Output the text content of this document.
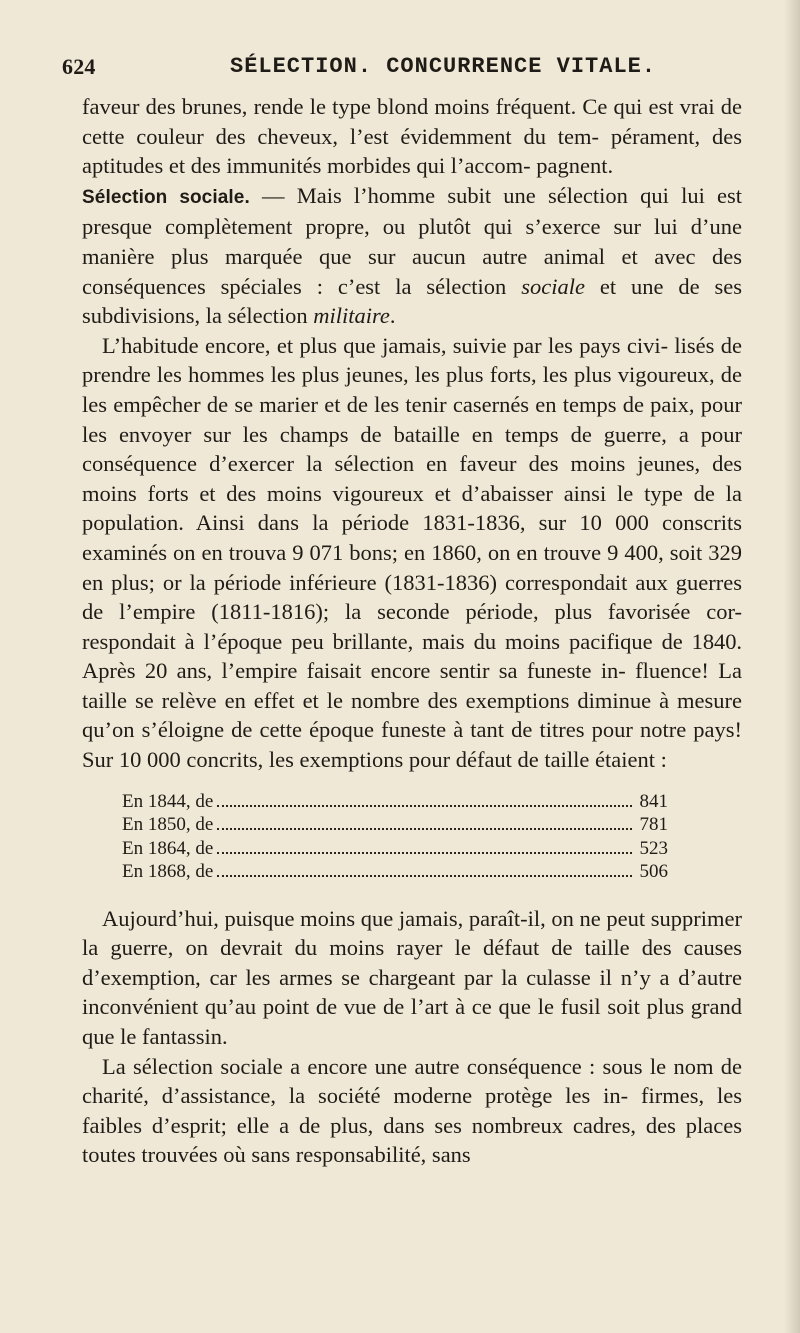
624	SÉLECTION. CONCURRENCE VITALE.

faveur des brunes, rende le type blond moins fréquent. Ce qui est vrai de cette couleur des cheveux, l’est évidemment du tem- pérament, des aptitudes et des immunités morbides qui l’accom- pagnent.

Sélection sociale. — Mais l’homme subit une sélection qui lui est presque complètement propre, ou plutôt qui s’exerce sur lui d’une manière plus marquée que sur aucun autre animal et avec des conséquences spéciales : c’est la sélection sociale et une de ses subdivisions, la sélection militaire.

L’habitude encore, et plus que jamais, suivie par les pays civi- lisés de prendre les hommes les plus jeunes, les plus forts, les plus vigoureux, de les empêcher de se marier et de les tenir casernés en temps de paix, pour les envoyer sur les champs de bataille en temps de guerre, a pour conséquence d’exercer la sélection en faveur des moins jeunes, des moins forts et des moins vigoureux et d’abaisser ainsi le type de la population. Ainsi dans la période 1831-1836, sur 10 000 conscrits examinés on en trouva 9 071 bons; en 1860, on en trouve 9 400, soit 329 en plus; or la période inférieure (1831-1836) correspondait aux guerres de l’empire (1811-1816); la seconde période, plus favorisée cor- respondait à l’époque peu brillante, mais du moins pacifique de 1840. Après 20 ans, l’empire faisait encore sentir sa funeste in- fluence! La taille se relève en effet et le nombre des exemptions diminue à mesure qu’on s’éloigne de cette époque funeste à tant de titres pour notre pays! Sur 10 000 concrits, les exemptions pour défaut de taille étaient :

En 1844, de	841
En 1850, de	781
En 1864, de	523
En 1868, de	506

Aujourd’hui, puisque moins que jamais, paraît-il, on ne peut supprimer la guerre, on devrait du moins rayer le défaut de taille des causes d’exemption, car les armes se chargeant par la culasse il n’y a d’autre inconvénient qu’au point de vue de l’art à ce que le fusil soit plus grand que le fantassin.

La sélection sociale a encore une autre conséquence : sous le nom de charité, d’assistance, la société moderne protège les in- firmes, les faibles d’esprit; elle a de plus, dans ses nombreux cadres, des places toutes trouvées où sans responsabilité, sans
